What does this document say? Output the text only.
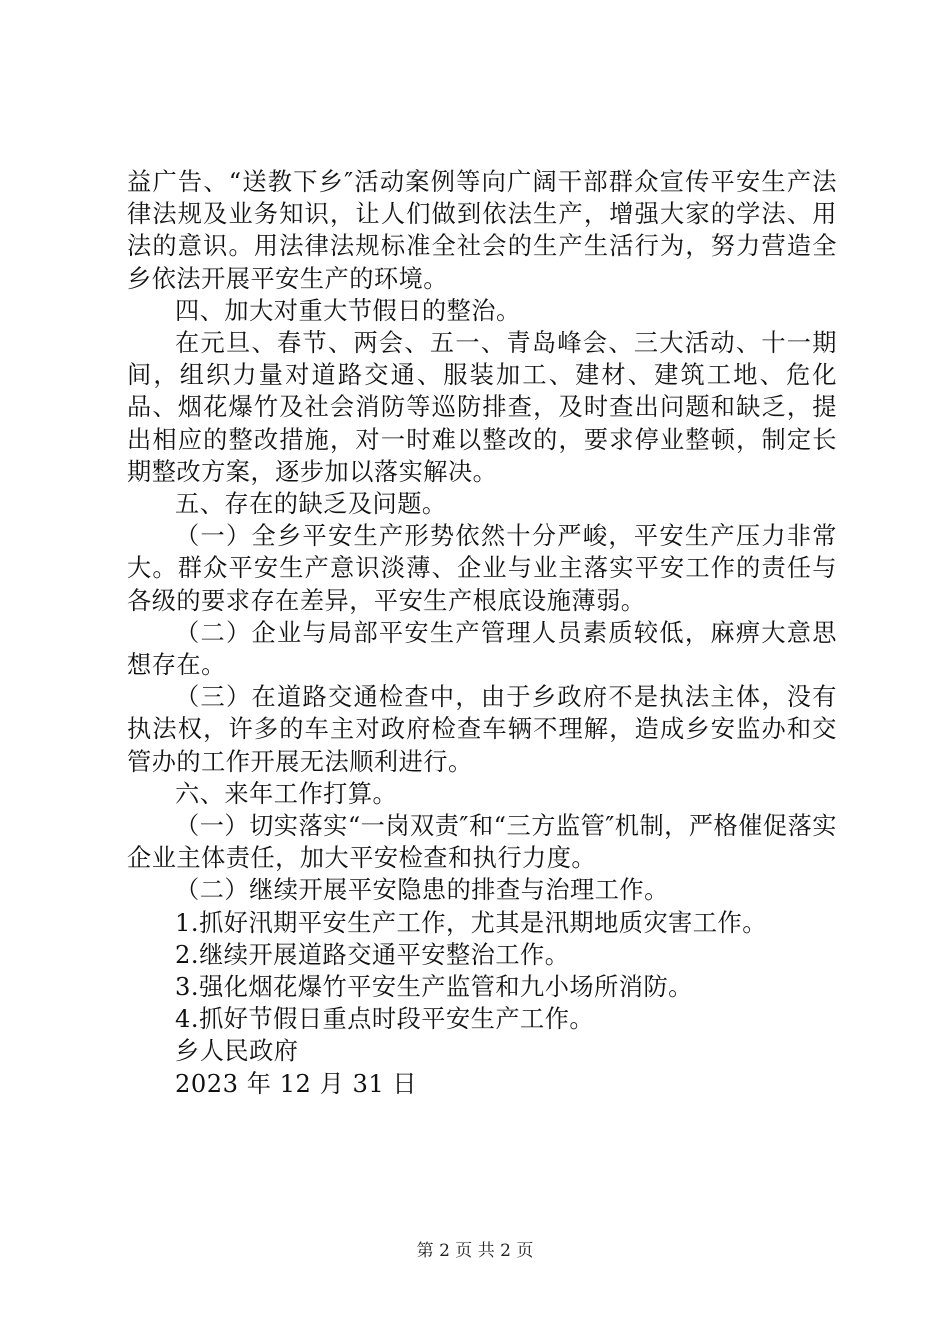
益广告、“送教下乡″活动案例等向广阔干部群众宣传平安生产法律法规及业务知识，让人们做到依法生产，增强大家的学法、用法的意识。用法律法规标准全社会的生产生活行为，努力营造全乡依法开展平安生产的环境。

四、加大对重大节假日的整治。

在元旦、春节、两会、五一、青岛峰会、三大活动、十一期间，组织力量对道路交通、服装加工、建材、建筑工地、危化品、烟花爆竹及社会消防等巡防排查，及时查出问题和缺乏，提出相应的整改措施，对一时难以整改的，要求停业整顿，制定长期整改方案，逐步加以落实解决。

五、存在的缺乏及问题。

（一）全乡平安生产形势依然十分严峻，平安生产压力非常大。群众平安生产意识淡薄、企业与业主落实平安工作的责任与各级的要求存在差异，平安生产根底设施薄弱。

（二）企业与局部平安生产管理人员素质较低，麻痹大意思想存在。

（三）在道路交通检查中，由于乡政府不是执法主体，没有执法权，许多的车主对政府检查车辆不理解，造成乡安监办和交管办的工作开展无法顺利进行。

六、来年工作打算。

（一）切实落实“一岗双责″和“三方监管″机制，严格催促落实企业主体责任，加大平安检查和执行力度。

（二）继续开展平安隐患的排查与治理工作。

1.抓好汛期平安生产工作，尤其是汛期地质灾害工作。

2.继续开展道路交通平安整治工作。

3.强化烟花爆竹平安生产监管和九小场所消防。

4.抓好节假日重点时段平安生产工作。

乡人民政府

2023 年 12 月 31 日

第 2 页 共 2 页
